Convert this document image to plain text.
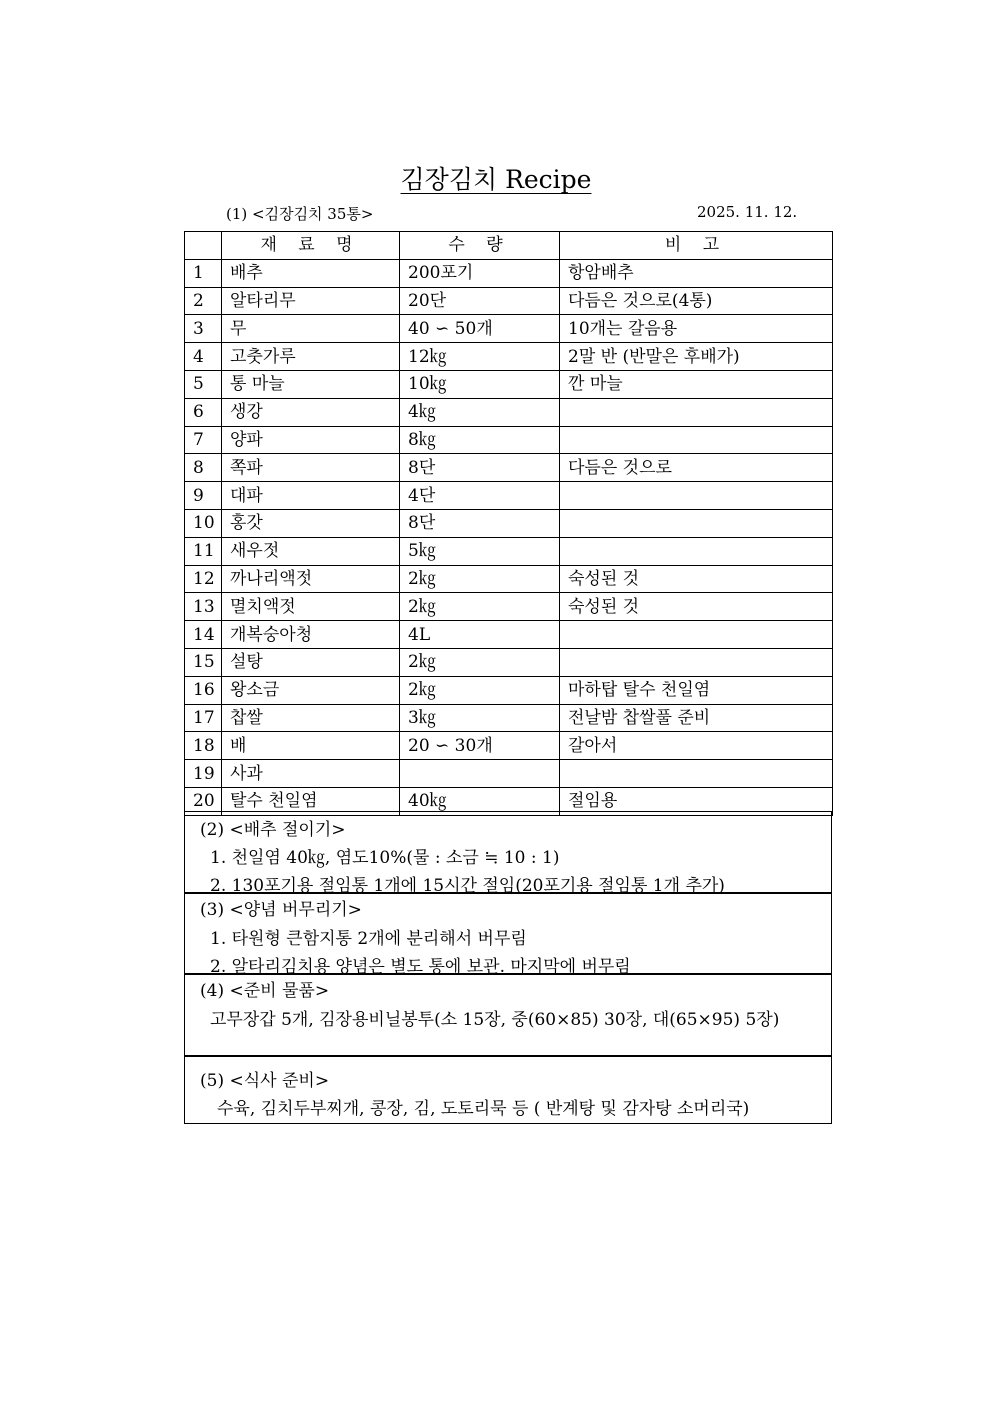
김장김치 Recipe
(1) <김장김치 35통>	2025. 11. 12.
	재 료 명	수 량	비 고
1	배추	200포기	항암배추
2	알타리무	20단	다듬은 것으로(4통)
3	무	40 ∽ 50개	10개는 갈음용
4	고춧가루	12㎏	2말 반 (반말은 후배가)
5	통 마늘	10㎏	깐 마늘
6	생강	4㎏	
7	양파	8㎏	
8	쪽파	8단	다듬은 것으로
9	대파	4단	
10	홍갓	8단	
11	새우젓	5㎏	
12	까나리액젓	2㎏	숙성된 것
13	멸치액젓	2㎏	숙성된 것
14	개복숭아청	4L	
15	설탕	2㎏	
16	왕소금	2㎏	마하탑 탈수 천일염
17	찹쌀	3㎏	전날밤 찹쌀풀 준비
18	배	20 ∽ 30개	갈아서
19	사과		
20	탈수 천일염	40㎏	절임용
(2) <배추 절이기>
1. 천일염 40㎏, 염도10%(물 : 소금 ≒ 10 : 1)
2. 130포기용 절임통 1개에 15시간 절임(20포기용 절임통 1개 추가)
(3) <양념 버무리기>
1. 타원형 큰함지통 2개에 분리해서 버무림
2. 알타리김치용 양념은 별도 통에 보관. 마지막에 버무림
(4) <준비 물품>
고무장갑 5개, 김장용비닐봉투(소 15장, 중(60×85) 30장, 대(65×95) 5장)
(5) <식사 준비>
수육, 김치두부찌개, 콩장, 김, 도토리묵 등 ( 반계탕 및 감자탕 소머리국)
